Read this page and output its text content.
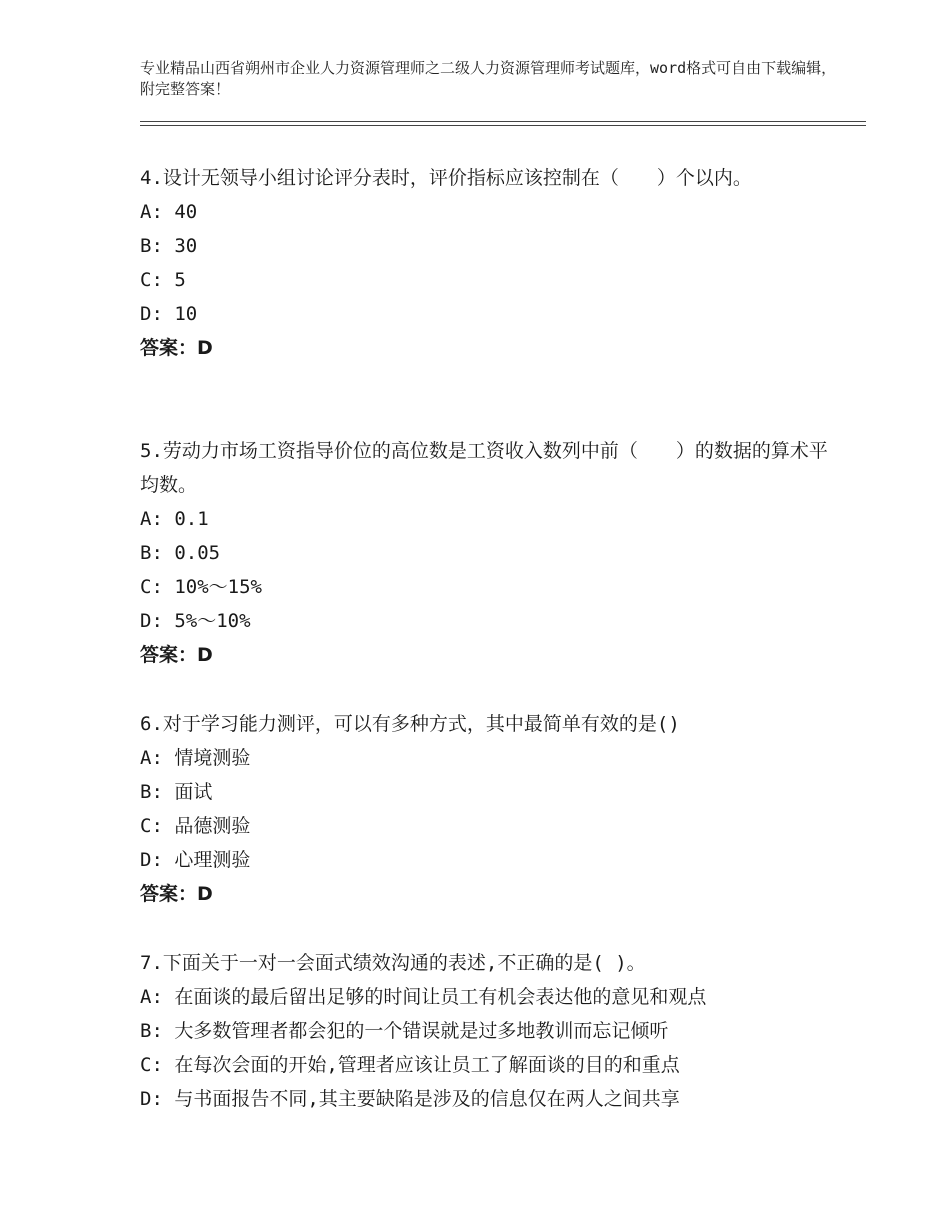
专业精品山西省朔州市企业人力资源管理师之二级人力资源管理师考试题库，word格式可自由下载编辑，附完整答案！

4.设计无领导小组讨论评分表时，评价指标应该控制在（　　）个以内。

A: 40

B: 30

C: 5

D: 10

答案：D

5.劳动力市场工资指导价位的高位数是工资收入数列中前（　　）的数据的算术平均数。

A: 0.1

B: 0.05

C: 10%～15%

D: 5%～10%

答案：D

6.对于学习能力测评，可以有多种方式，其中最简单有效的是()

A: 情境测验

B: 面试

C: 品德测验

D: 心理测验

答案：D

7.下面关于一对一会面式绩效沟通的表述,不正确的是( )。

A: 在面谈的最后留出足够的时间让员工有机会表达他的意见和观点

B: 大多数管理者都会犯的一个错误就是过多地教训而忘记倾听

C: 在每次会面的开始,管理者应该让员工了解面谈的目的和重点

D: 与书面报告不同,其主要缺陷是涉及的信息仅在两人之间共享
